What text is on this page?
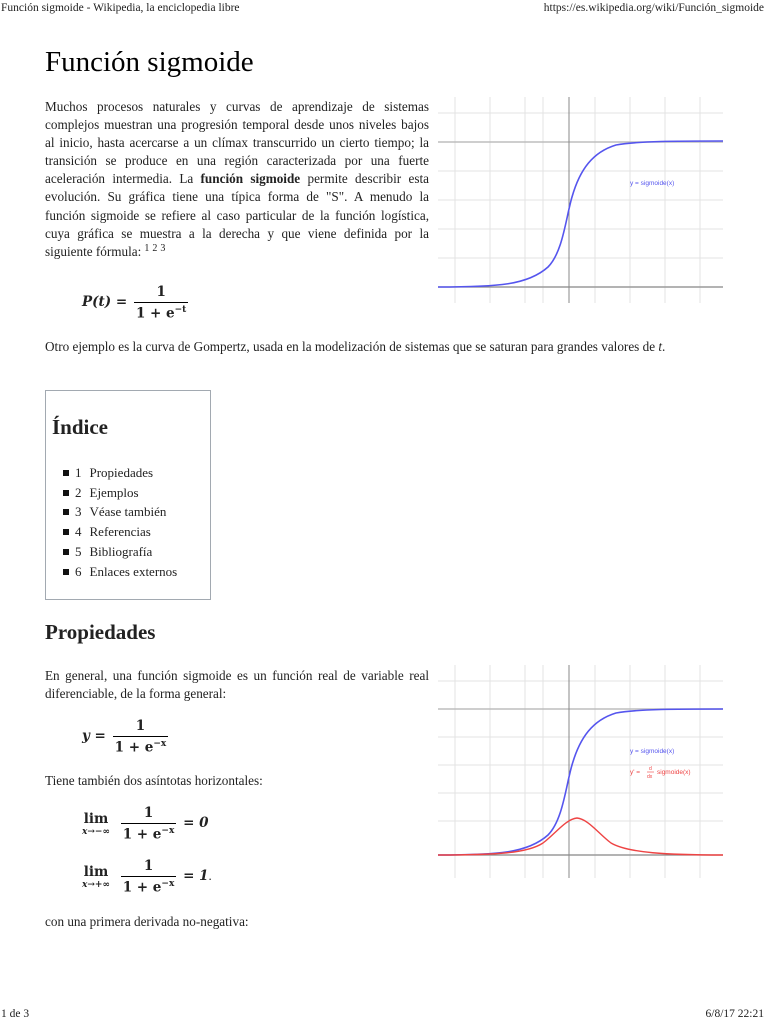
Función sigmoide - Wikipedia, la enciclopedia libre	https://es.wikipedia.org/wiki/Función_sigmoide
Función sigmoide

Muchos procesos naturales y curvas de aprendizaje de sistemas complejos muestran una progresión temporal desde unos niveles bajos al inicio, hasta acercarse a un clímax transcurrido un cierto tiempo; la transición se produce en una región caracterizada por una fuerte aceleración intermedia. La función sigmoide permite describir esta evolución. Su gráfica tiene una típica forma de "S". A menudo la función sigmoide se refiere al caso particular de la función logística, cuya gráfica se muestra a la derecha y que viene definida por la siguiente fórmula: $^{1 2 3}$

$P(t) = \frac{1}{1 + e^{-t}}$

Otro ejemplo es la curva de Gompertz, usada en la modelización de sistemas que se saturan para grandes valores de t.

Índice
1 Propiedades
2 Ejemplos
3 Véase también
4 Referencias
5 Bibliografía
6 Enlaces externos
Propiedades

En general, una función sigmoide es un función real de variable real diferenciable, de la forma general:

$y = \frac{1}{1 + e^{-x}}$

Tiene también dos asíntotas horizontales:

lim
x→−∞
$\frac{1}{1 + e^{-x}} = 0$
lim
x→+∞
$\frac{1}{1 + e^{-x}} = 1$.

con una primera derivada no-negativa:

y = sigmoide(x)
y = sigmoide(x)
y' = d
dx
sigmoide(x)
1 de 3	6/8/17 22:21
